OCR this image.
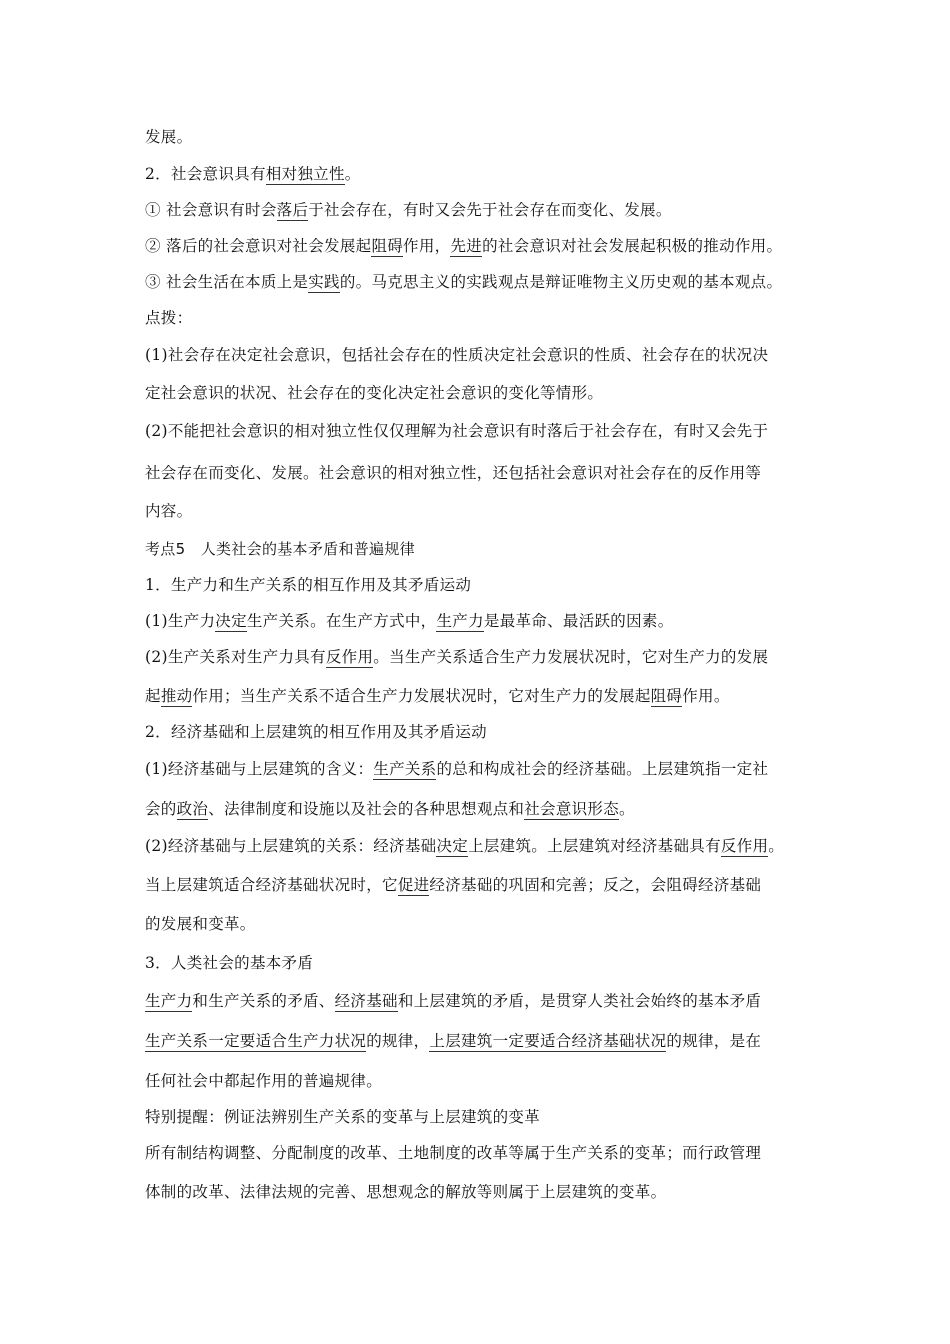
发展。
2．社会意识具有相对独立性。
① 社会意识有时会落后于社会存在，有时又会先于社会存在而变化、发展。
② 落后的社会意识对社会发展起阻碍作用，先进的社会意识对社会发展起积极的推动作用。
③ 社会生活在本质上是实践的。马克思主义的实践观点是辩证唯物主义历史观的基本观点。
点拨：
(1)社会存在决定社会意识，包括社会存在的性质决定社会意识的性质、社会存在的状况决
定社会意识的状况、社会存在的变化决定社会意识的变化等情形。
(2)不能把社会意识的相对独立性仅仅理解为社会意识有时落后于社会存在，有时又会先于
社会存在而变化、发展。社会意识的相对独立性，还包括社会意识对社会存在的反作用等
内容。
考点5　人类社会的基本矛盾和普遍规律
1．生产力和生产关系的相互作用及其矛盾运动
(1)生产力决定生产关系。在生产方式中，生产力是最革命、最活跃的因素。
(2)生产关系对生产力具有反作用。当生产关系适合生产力发展状况时，它对生产力的发展
起推动作用；当生产关系不适合生产力发展状况时，它对生产力的发展起阻碍作用。
2．经济基础和上层建筑的相互作用及其矛盾运动
(1)经济基础与上层建筑的含义：生产关系的总和构成社会的经济基础。上层建筑指一定社
会的政治、法律制度和设施以及社会的各种思想观点和社会意识形态。
(2)经济基础与上层建筑的关系：经济基础决定上层建筑。上层建筑对经济基础具有反作用。
当上层建筑适合经济基础状况时，它促进经济基础的巩固和完善；反之，会阻碍经济基础
的发展和变革。
3．人类社会的基本矛盾
生产力和生产关系的矛盾、经济基础和上层建筑的矛盾，是贯穿人类社会始终的基本矛盾
生产关系一定要适合生产力状况的规律，上层建筑一定要适合经济基础状况的规律，是在
任何社会中都起作用的普遍规律。
特别提醒：例证法辨别生产关系的变革与上层建筑的变革
所有制结构调整、分配制度的改革、土地制度的改革等属于生产关系的变革；而行政管理
体制的改革、法律法规的完善、思想观念的解放等则属于上层建筑的变革。
